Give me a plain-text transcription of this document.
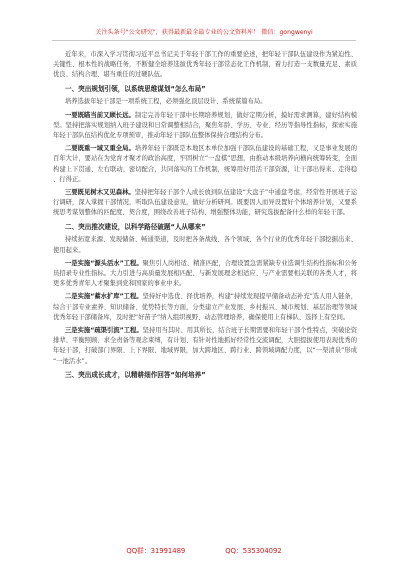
关注头条号"公文研究"，获得最新最全最专业的公文资料库！ 微信：gongwenyi

近年来，市深入学习贯彻习近平总书记关于年轻干部工作的重要论述，把年轻干部队伍建设作为紧迫性、关键性、根本性的战略任务，不断健全培养选拔优秀年轻干部常态化工作机制，着力打造一支数量充足、素质优良、结构合理、堪当重任的过硬队伍。

一、突出规划引领，以系统思维谋划“怎么布局”

培养选拔年轻干部是一项系统工程，必须强化顶层设计、系统谋篇布局。

一要既瞄当前又顾长远。制定完善年轻干部中长期培养规划，做好定期分析，摸好需求测算，建好结构模型。坚持把落实规划纳入班子建设和日常调整相结合，聚焦年龄、学历、专业、经历等指导性指标，探索实施年轻干部队伍结构优化专项预审，推动年轻干部队伍整体保持合理结构分布。

二要既重一域又重全局。培养年轻干部既是本地区本单位加强干部队伍建设的基础工程，又是事业发展的百年大计，要站在为党育才聚才的政治高度，牢固树立“一盘棋”思想，由推动本级培养向横向统筹转变，全面构建上下贯通、左右联动、密切配合，共同落实的工作机制，统筹用好用活干部资源，让干部出得来、走得稳、行得正。

三要既见树木又见森林。坚持把年轻干部个人成长放到队伍建设“大盘子”中通盘考虑，经常性开展班子运行调研，深入掌握干部情况，听取队伍建设意见，做好分析研判。既要因人而异设置好个体培养计划，又要系统思考谋划整体的匹配度、契合度，围绕改善班子结构、增强整体功能，研究选拔配备什么样的年轻干部。

二、突出推次建设，以科学路径破题“人从哪来”

持续拓宽来源、发现储备、畅通渠道，及时把各条战线、各个领域、各个行业的优秀年轻干部挖掘出来、使用起来。

一是实施“源头活水”工程。聚焦引人岗相适、精准匹配，合理设置急需紧缺专业选调生结构性指标和公务员招录专业性指标。大力引进与高质量发展相匹配、与新发展理念相适应、与产业需要相关联的各类人才，将更多优秀青年人才聚集到党和国家的事业中来。

二是实施“蓄水扩库”工程。坚持好中选优、择优培养，构建“持续发现提早储备动态补充”选人用人链条，综合干部专业素养、知识储备、优势特长等方面，分类建立产业发展、乡村振兴、城市规划、基层治理等领域优秀年轻干部储备库，及时把“好苗子”纳入组织视野、动态管理培养，确保使用上有梯队、选择上有空间。

三是实施“疏渠引流”工程。坚持用当其时、用其所长，结合班子长期需要和年轻干部个性特点，突破论资排辈、平衡照顾、求全责备等观念束缚，有计划、有针对性地抓好经常性交流调配，大胆提拔使用表现优秀的年轻干部，打破部门界限、上下界限、地域界限，加大跨地区、跨行业、跨领域调配力度，以“一渠清泉”形成“一池活水”。

三、突出成长成才，以精耕细作回答“如何培养”
QQ群：31991489	QQ：535304092
